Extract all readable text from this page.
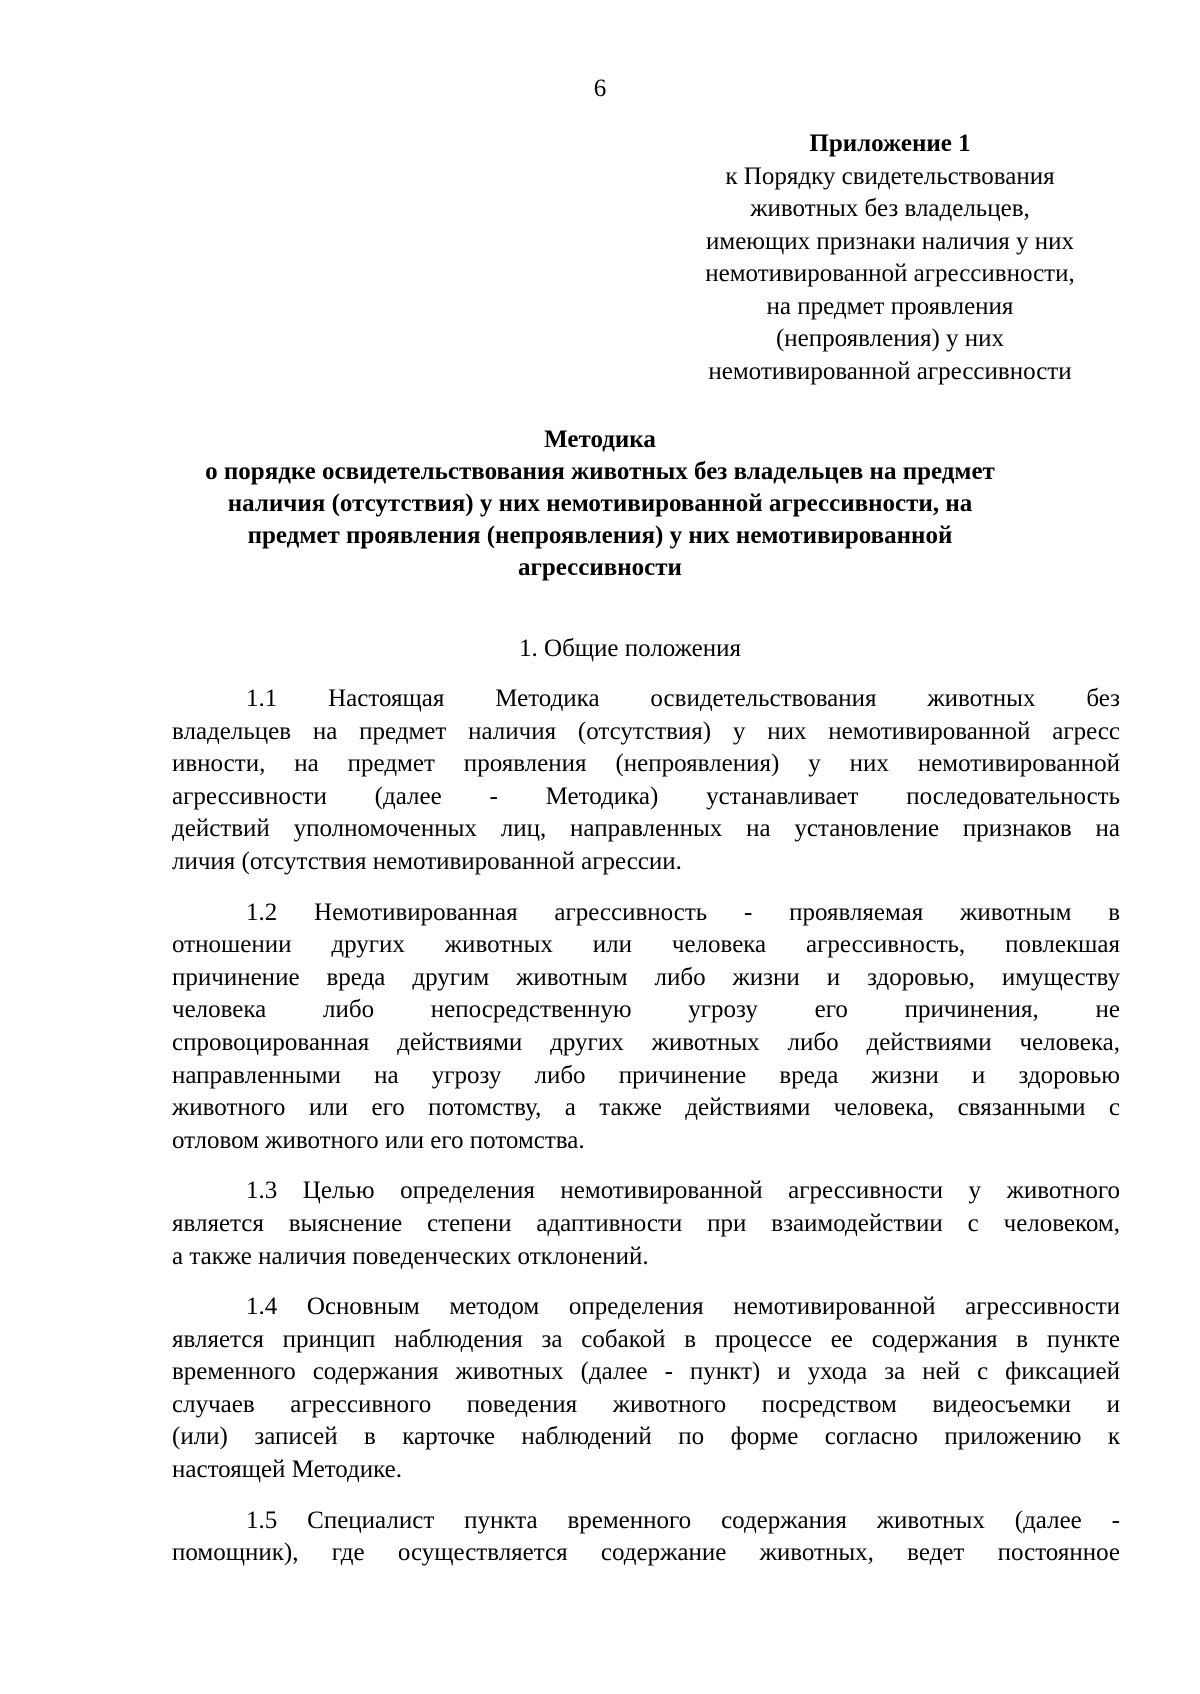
6
Приложение 1
к Порядку свидетельствования
животных без владельцев,
имеющих признаки наличия у них
немотивированной агрессивности,
на предмет проявления
(непроявления) у них
немотивированной агрессивности
Методика
о порядке освидетельствования животных без владельцев на предмет
наличия (отсутствия) у них немотивированной агрессивности, на
предмет проявления (непроявления) у них немотивированной
агрессивности
1. Общие положения
1.1 Настоящая Методика освидетельствования животных без
владельцев на предмет наличия (отсутствия) у них немотивированной агресс
ивности, на предмет проявления (непроявления) у них немотивированной
агрессивности (далее - Методика) устанавливает последовательность
действий уполномоченных лиц, направленных на установление признаков на
личия (отсутствия немотивированной агрессии.
1.2 Немотивированная агрессивность - проявляемая животным в
отношении других животных или человека агрессивность, повлекшая
причинение вреда другим животным либо жизни и здоровью, имуществу
человека либо непосредственную угрозу его причинения, не
спровоцированная действиями других животных либо действиями человека,
направленными на угрозу либо причинение вреда жизни и здоровью
животного или его потомству, а также действиями человека, связанными с
отловом животного или его потомства.
1.3 Целью определения немотивированной агрессивности у животного
является выяснение степени адаптивности при взаимодействии с человеком,
а также наличия поведенческих отклонений.
1.4 Основным методом определения немотивированной агрессивности
является принцип наблюдения за собакой в процессе ее содержания в пункте
временного содержания животных (далее - пункт) и ухода за ней с фиксацией
случаев агрессивного поведения животного посредством видеосъемки и
(или) записей в карточке наблюдений по форме согласно приложению к
настоящей Методике.
1.5 Специалист пункта временного содержания животных (далее -
помощник), где осуществляется содержание животных, ведет постоянное
